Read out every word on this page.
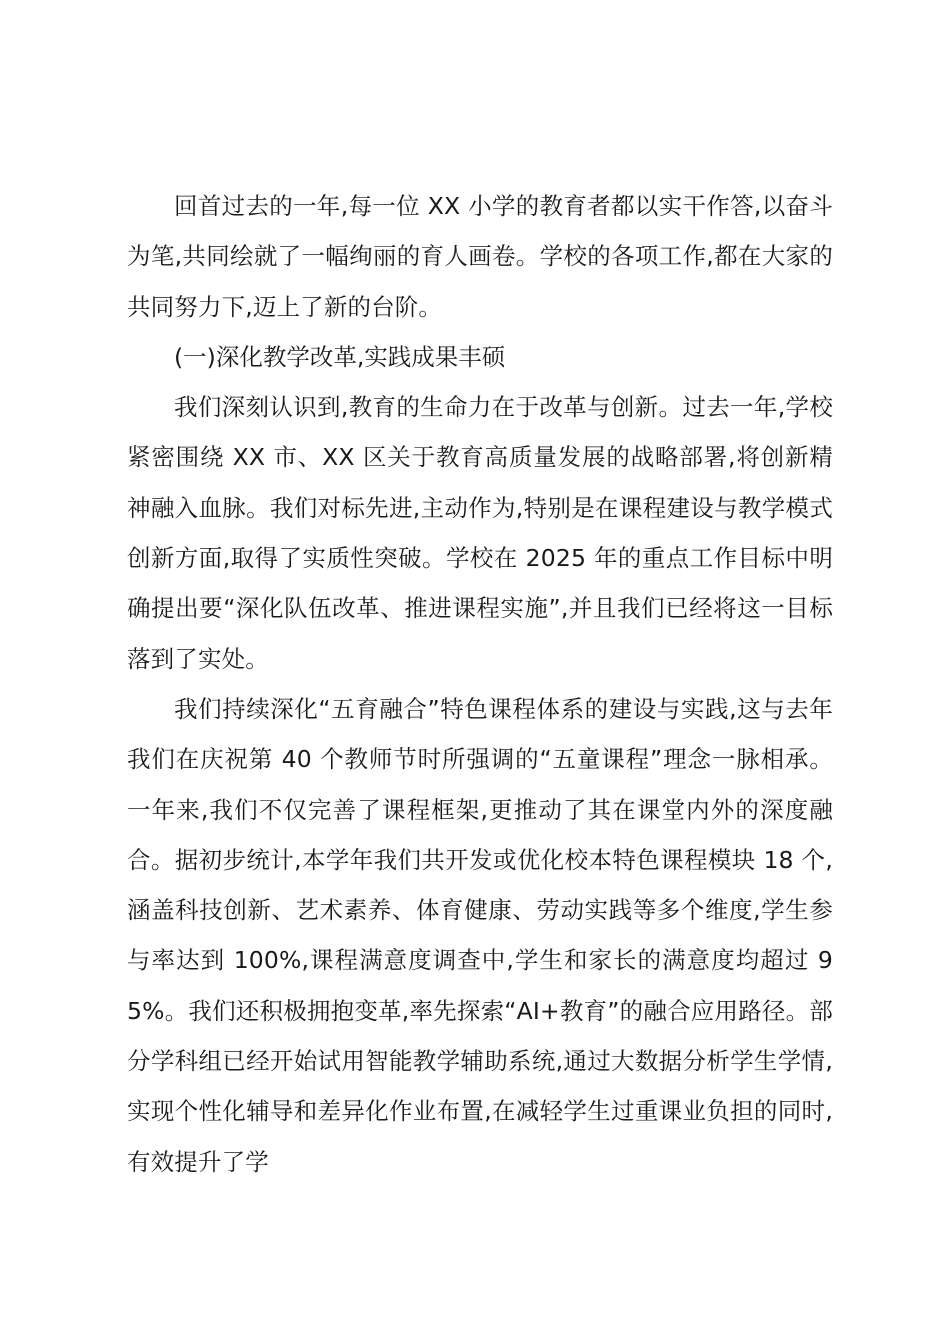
回首过去的一年,每一位 XX 小学的教育者都以实干作答,以奋斗为笔,共同绘就了一幅绚丽的育人画卷。学校的各项工作,都在大家的共同努力下,迈上了新的台阶。

(一)深化教学改革,实践成果丰硕

我们深刻认识到,教育的生命力在于改革与创新。过去一年,学校紧密围绕 XX 市、XX 区关于教育高质量发展的战略部署,将创新精神融入血脉。我们对标先进,主动作为,特别是在课程建设与教学模式创新方面,取得了实质性突破。学校在 2025 年的重点工作目标中明确提出要“深化队伍改革、推进课程实施”,并且我们已经将这一目标落到了实处。

我们持续深化“五育融合”特色课程体系的建设与实践,这与去年我们在庆祝第 40 个教师节时所强调的“五童课程”理念一脉相承。一年来,我们不仅完善了课程框架,更推动了其在课堂内外的深度融合。据初步统计,本学年我们共开发或优化校本特色课程模块 18 个,涵盖科技创新、艺术素养、体育健康、劳动实践等多个维度,学生参与率达到 100%,课程满意度调查中,学生和家长的满意度均超过 95%。我们还积极拥抱变革,率先探索“AI+教育”的融合应用路径。部分学科组已经开始试用智能教学辅助系统,通过大数据分析学生学情,实现个性化辅导和差异化作业布置,在减轻学生过重课业负担的同时,有效提升了学
